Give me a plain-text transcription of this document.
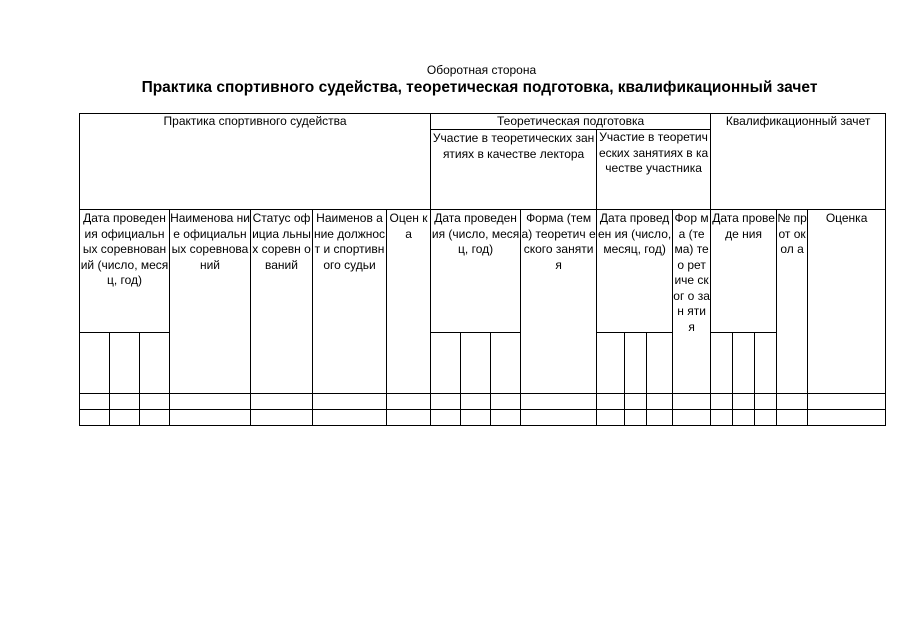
Оборотная сторона
Практика спортивного судейства, теоретическая подготовка, квалификационный зачет
Практика спортивного судейства							Теоретическая подготовка								Квалификационный зачет				
							Участие в теоретических занятиях в качестве лектора				Участие в теоретических занятиях в качестве участника								
Дата проведения официальн ых соревнован ий (число, месяц, год)			Наименова ние официальн ых соревнова ний	Статус официа льных соревн ований	Наименов ание должност и спортивн ого судьи	Оцен ка	Дата проведения (число, месяц, год)			Форма (тема) теоретич еского занятия	Дата проведен ия (число, месяц, год)			Фор ма (те ма) тео рет иче ског о зан яти я	Дата проведе ния			№ пр от ок ол а	Оценка
